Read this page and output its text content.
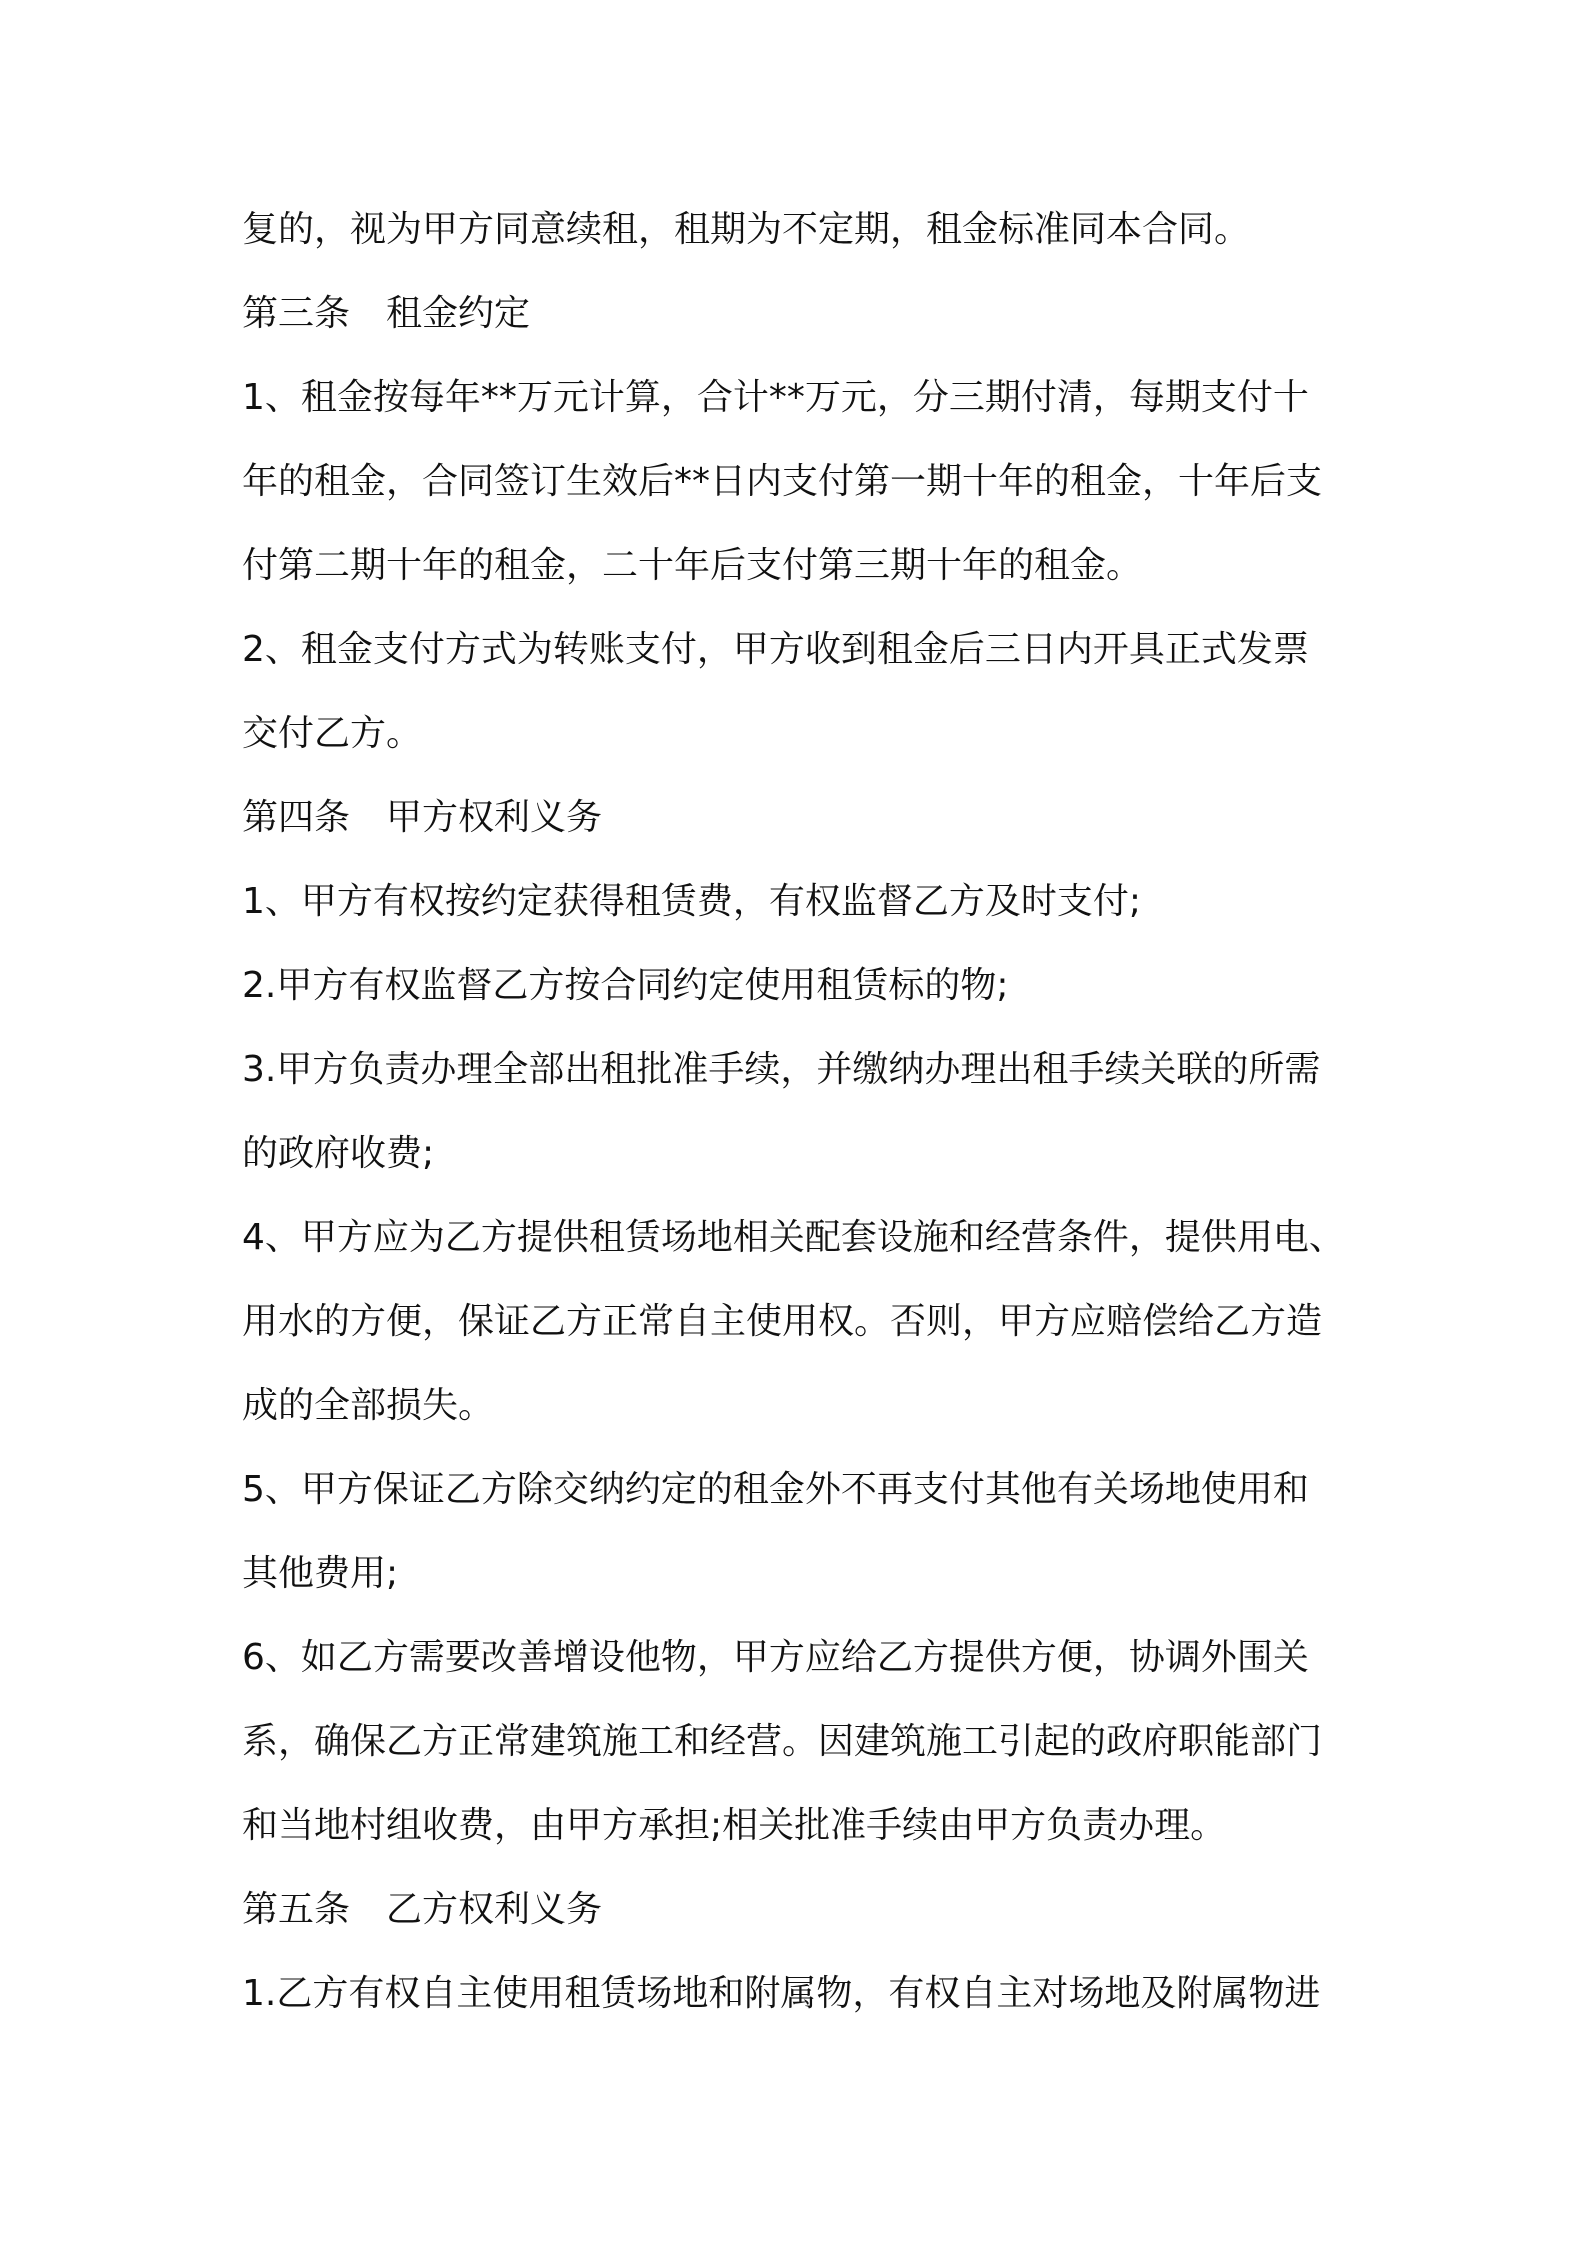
复的，视为甲方同意续租，租期为不定期，租金标准同本合同。
第三条　租金约定
1、租金按每年**万元计算，合计**万元，分三期付清，每期支付十
年的租金，合同签订生效后**日内支付第一期十年的租金，十年后支
付第二期十年的租金，二十年后支付第三期十年的租金。
2、租金支付方式为转账支付，甲方收到租金后三日内开具正式发票
交付乙方。
第四条　甲方权利义务
1、甲方有权按约定获得租赁费，有权监督乙方及时支付;
2.甲方有权监督乙方按合同约定使用租赁标的物;
3.甲方负责办理全部出租批准手续，并缴纳办理出租手续关联的所需
的政府收费;
4、甲方应为乙方提供租赁场地相关配套设施和经营条件，提供用电、
用水的方便，保证乙方正常自主使用权。否则，甲方应赔偿给乙方造
成的全部损失。
5、甲方保证乙方除交纳约定的租金外不再支付其他有关场地使用和
其他费用;
6、如乙方需要改善增设他物，甲方应给乙方提供方便，协调外围关
系，确保乙方正常建筑施工和经营。因建筑施工引起的政府职能部门
和当地村组收费，由甲方承担;相关批准手续由甲方负责办理。
第五条　乙方权利义务
1.乙方有权自主使用租赁场地和附属物，有权自主对场地及附属物进
